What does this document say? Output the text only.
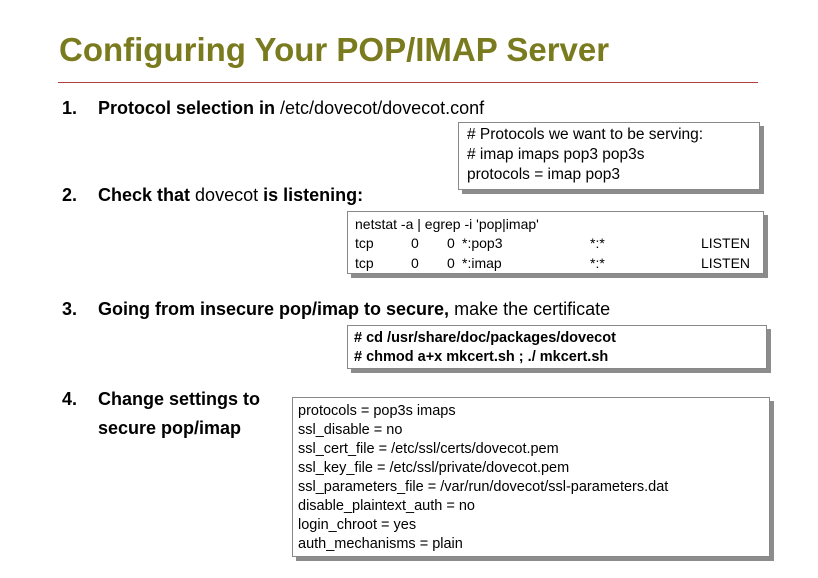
Configuring Your POP/IMAP Server
1. Protocol selection in /etc/dovecot/dovecot.conf
# Protocols we want to be serving:
# imap imaps pop3 pop3s
protocols = imap pop3
2. Check that dovecot is listening:
netstat -a | egrep -i 'pop|imap'
tcp	0 0 *:pop3	*:*	LISTEN
tcp	0 0 *:imap	*:*	LISTEN
3. Going from insecure pop/imap to secure, make the certificate
# cd /usr/share/doc/packages/dovecot
# chmod a+x mkcert.sh ; ./ mkcert.sh
4. Change settings to
secure pop/imap
protocols = pop3s imaps
ssl_disable = no
ssl_cert_file = /etc/ssl/certs/dovecot.pem
ssl_key_file = /etc/ssl/private/dovecot.pem
ssl_parameters_file = /var/run/dovecot/ssl-parameters.dat
disable_plaintext_auth = no
login_chroot = yes
auth_mechanisms = plain
